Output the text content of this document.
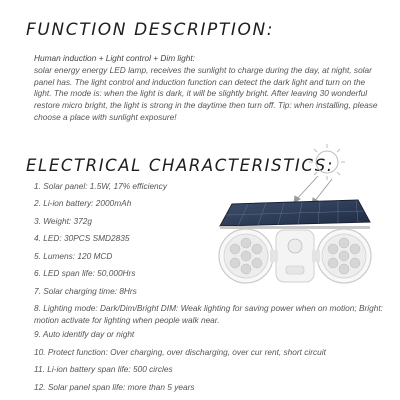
FUNCTION DESCRIPTION:
Human induction + Light control + Dim light:
solar energy energy LED lamp, receives the sunlight to charge during the day, at night, solar panel has. The light control and induction function can detect the dark light and turn on the light. The mode is: when the light is dark, it will be slightly bright. After leaving 30 wonderful restore micro bright, the light is strong in the daytime then turn off. Tip: when installing, please choose a place with sunlight exposure!
ELECTRICAL CHARACTERISTICS:
1. Solar panel: 1.5W, 17% efficiency
2. Li-ion battery: 2000mAh
3. Weight: 372g
4. LED: 30PCS SMD2835
5. Lumens: 120 MCD
6. LED span life: 50,000Hrs
7. Solar charging time: 8Hrs
8. Lighting mode: Dark/Dim/Bright DIM: Weak lighting for saving power when on motion; Bright: motion activate for lighting when people walk near.
9. Auto identify day or night
10. Protect function: Over charging, over discharging, over cur rent, short circuit
11. Li-ion battery span life: 500 circles
12. Solar panel span life: more than 5 years
